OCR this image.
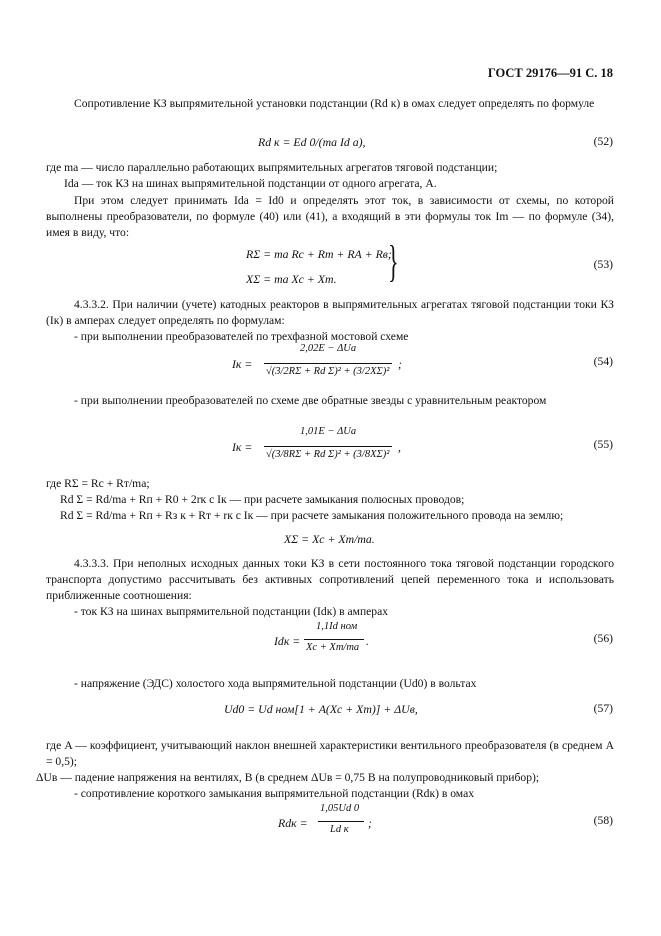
ГОСТ 29176—91 С. 18

Сопротивление КЗ выпрямительной установки подстанции (Rd к) в омах следует определять по формуле

Rd к = Ed 0/(mа Id а),	(52)
где mа — число параллельно работающих выпрямительных агрегатов тяговой подстанции;
Idа — ток КЗ на шинах выпрямительной подстанции от одного агрегата, А.

При этом следует принимать Idа = Id0 и определять этот ток, в зависимости от схемы, по которой выполнены преобразователи, по формуле (40) или (41), а входящий в эти формулы ток Im — по формуле (34), имея в виду, что:

RΣ = mа Rс + Rт + RА + Rв;
XΣ = mа Xс + Xт. }	(53)

4.3.3.2. При наличии (учете) катодных реакторов в выпрямительных агрегатах тяговой подстанции токи КЗ (Iк) в амперах следует определять по формулам:

- при выполнении преобразователей по трехфазной мостовой схеме
Iк =
2,02E − ΔUа
√(3/2RΣ + Rd Σ)² + (3/2XΣ)²
;	(54)

- при выполнении преобразователей по схеме две обратные звезды с уравнительным реактором

Iк =
1,01E − ΔUа
√(3/8RΣ + Rd Σ)² + (3/8XΣ)²
,	(55)
где RΣ = Rс + Rт/mа;
Rd Σ = Rd/mа + Rп + R0 + 2rк с Iк — при расчете замыкания полюсных проводов;
Rd Σ = Rd/mа + Rп + Rз к + Rт + rк с Iк — при расчете замыкания положительного провода на землю;
XΣ = Xс + Xт/mа.

4.3.3.3. При неполных исходных данных токи КЗ в сети постоянного тока тяговой подстанции городского транспорта допустимо рассчитывать без активных сопротивлений цепей переменного тока и использовать приближенные соотношения:

- ток КЗ на шинах выпрямительной подстанции (Idк) в амперах
Idк =
1,1Id ном
Xс + Xт/mа .	(56)
- напряжение (ЭДС) холостого хода выпрямительной подстанции (Ud0) в вольтах
Ud0 = Ud ном[1 + A(Xс + Xт)] + ΔUв,	(57)
где A — коэффициент, учитывающий наклон внешней характеристики вентильного преобразователя (в среднем A = 0,5);
ΔUв — падение напряжения на вентилях, В (в среднем ΔUв = 0,75 В на полупроводниковый прибор);
- сопротивление короткого замыкания выпрямительной подстанции (Rdк) в омах
Rdк =
1,05Ud 0
Ld к ;	(58)
